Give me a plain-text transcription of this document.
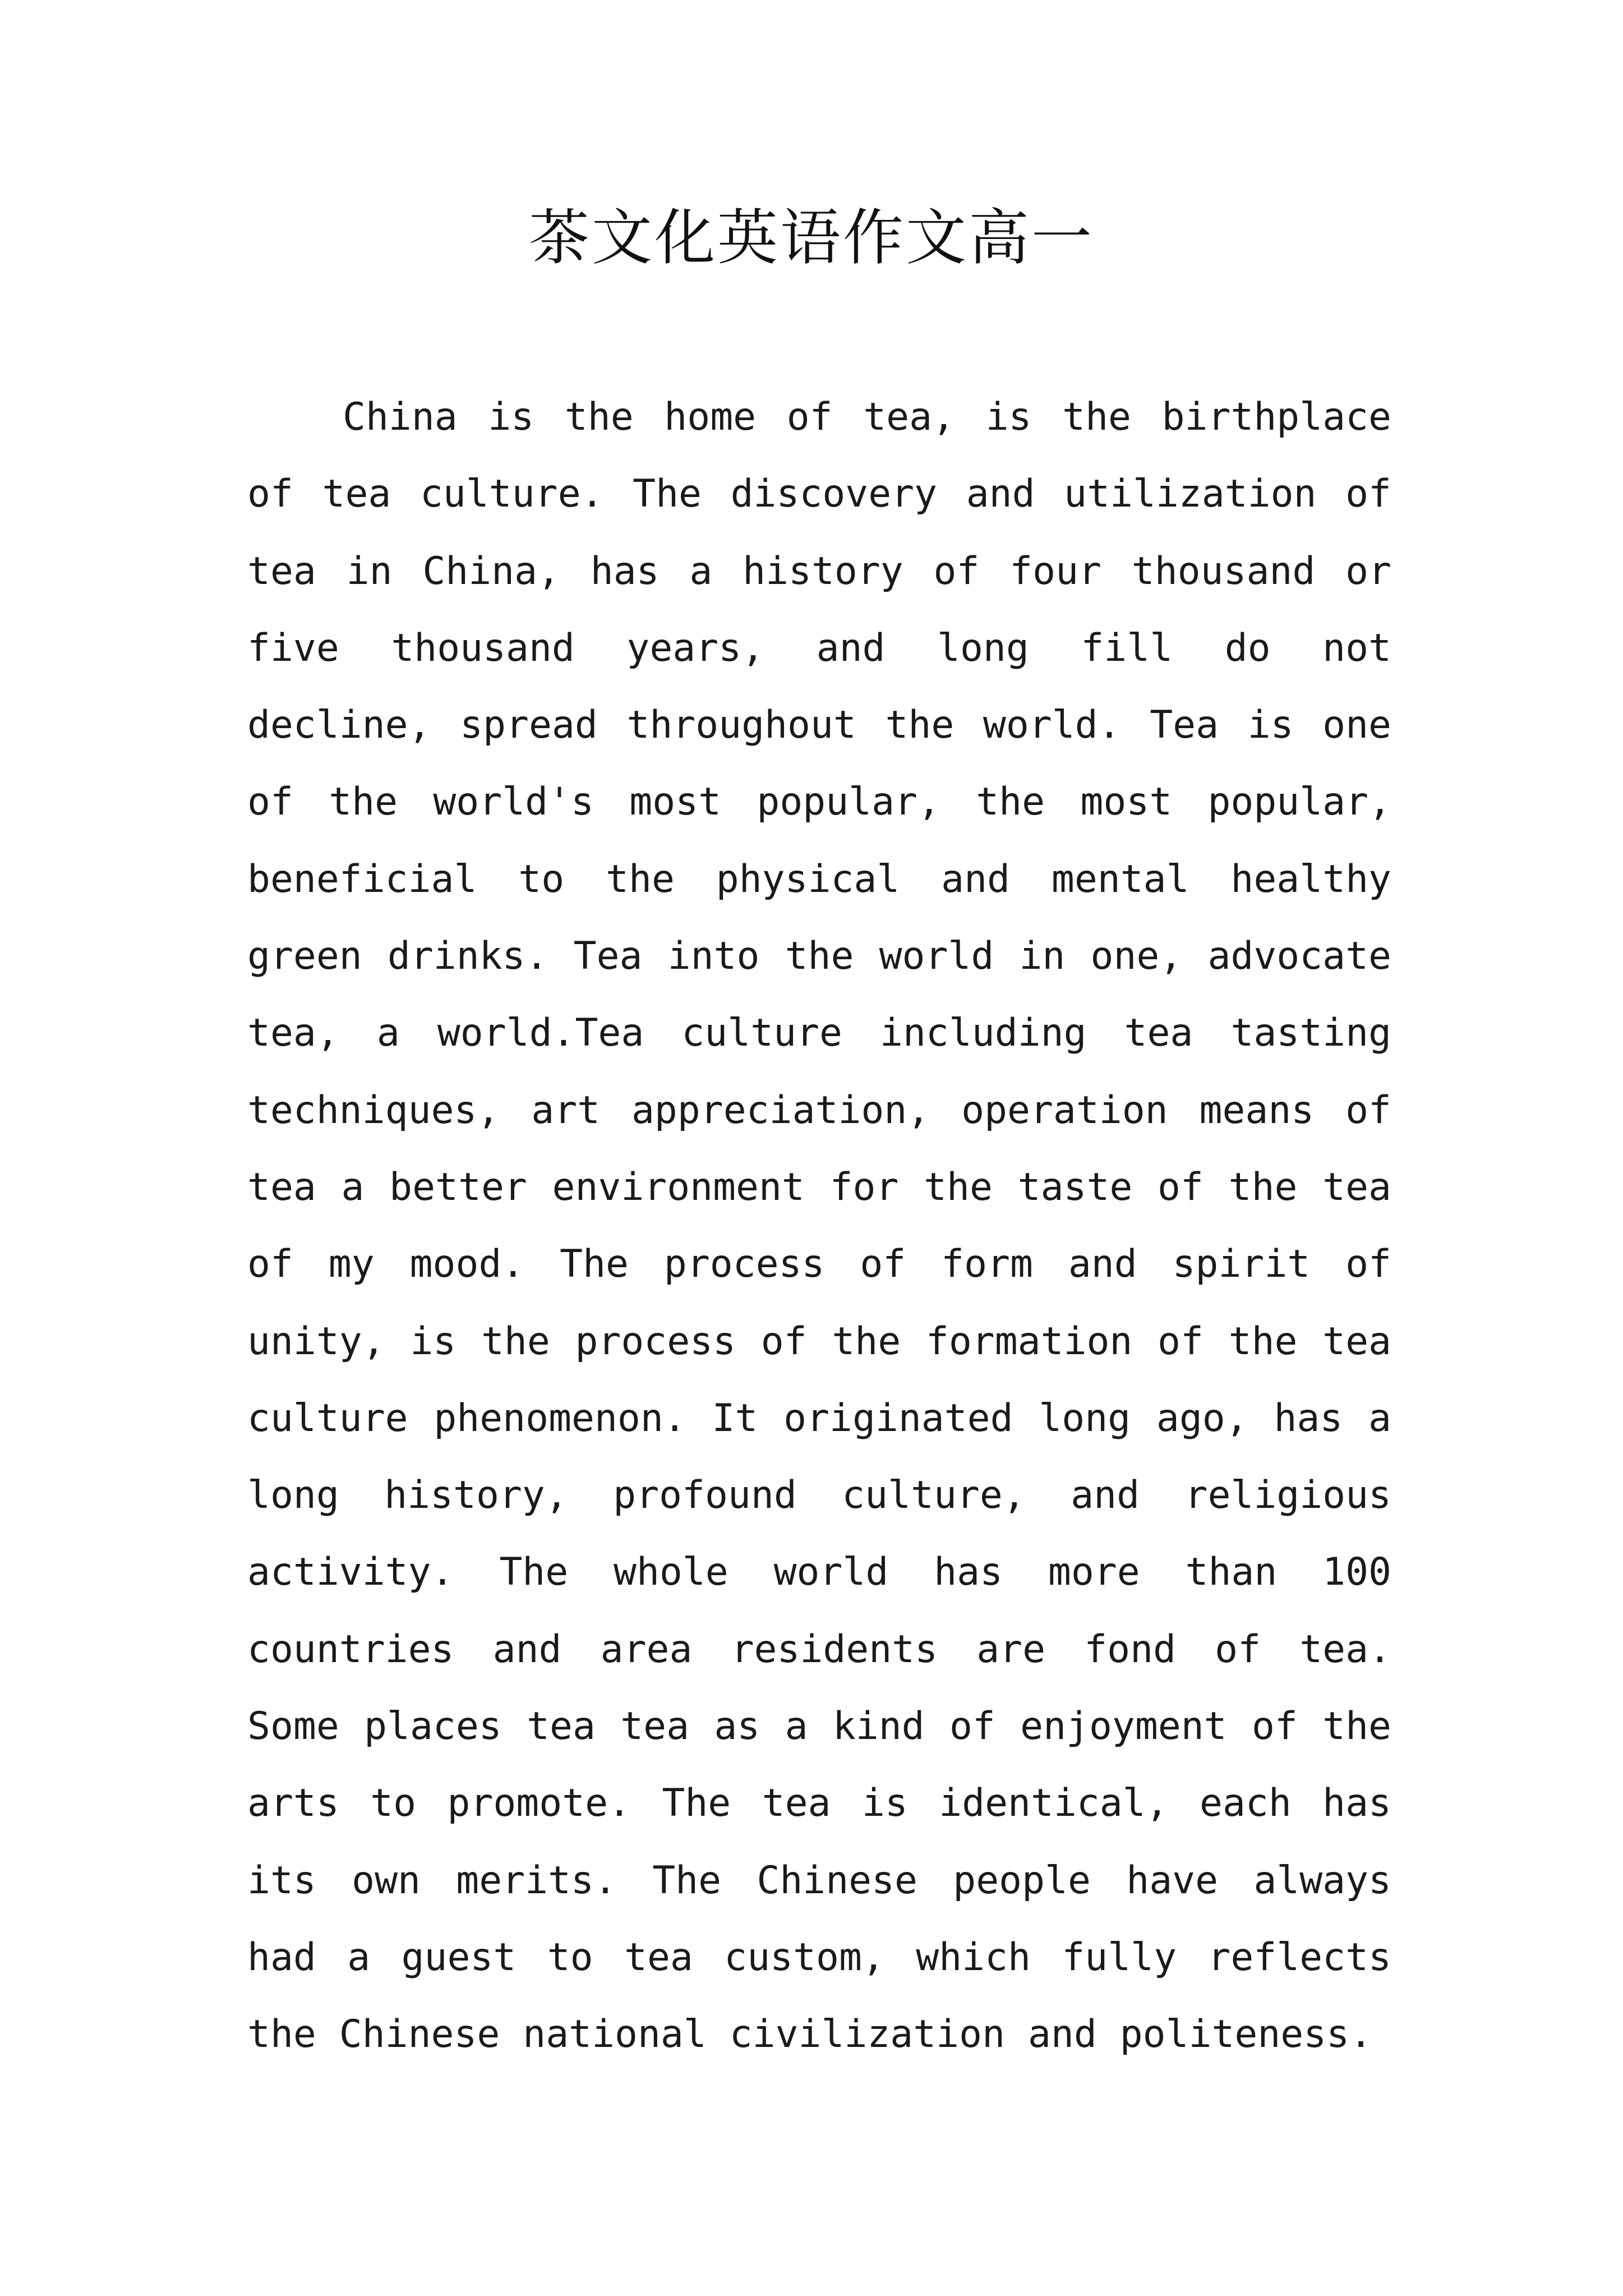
茶文化英语作文高一

China is the home of tea, is the birthplace of tea culture. The discovery and utilization of tea in China, has a history of four thousand or five thousand years, and long fill do not decline, spread throughout the world. Tea is one of the world's most popular, the most popular, beneficial to the physical and mental healthy green drinks. Tea into the world in one, advocate tea, a world.Tea culture including tea tasting techniques, art appreciation, operation means of tea a better environment for the taste of the tea of my mood. The process of form and spirit of unity, is the process of the formation of the tea culture phenomenon. It originated long ago, has a long history, profound culture, and religious activity. The whole world has more than 100 countries and area residents are fond of tea. Some places tea tea as a kind of enjoyment of the arts to promote. The tea is identical, each has its own merits. The Chinese people have always had a guest to tea custom, which fully reflects the Chinese national civilization and politeness.
